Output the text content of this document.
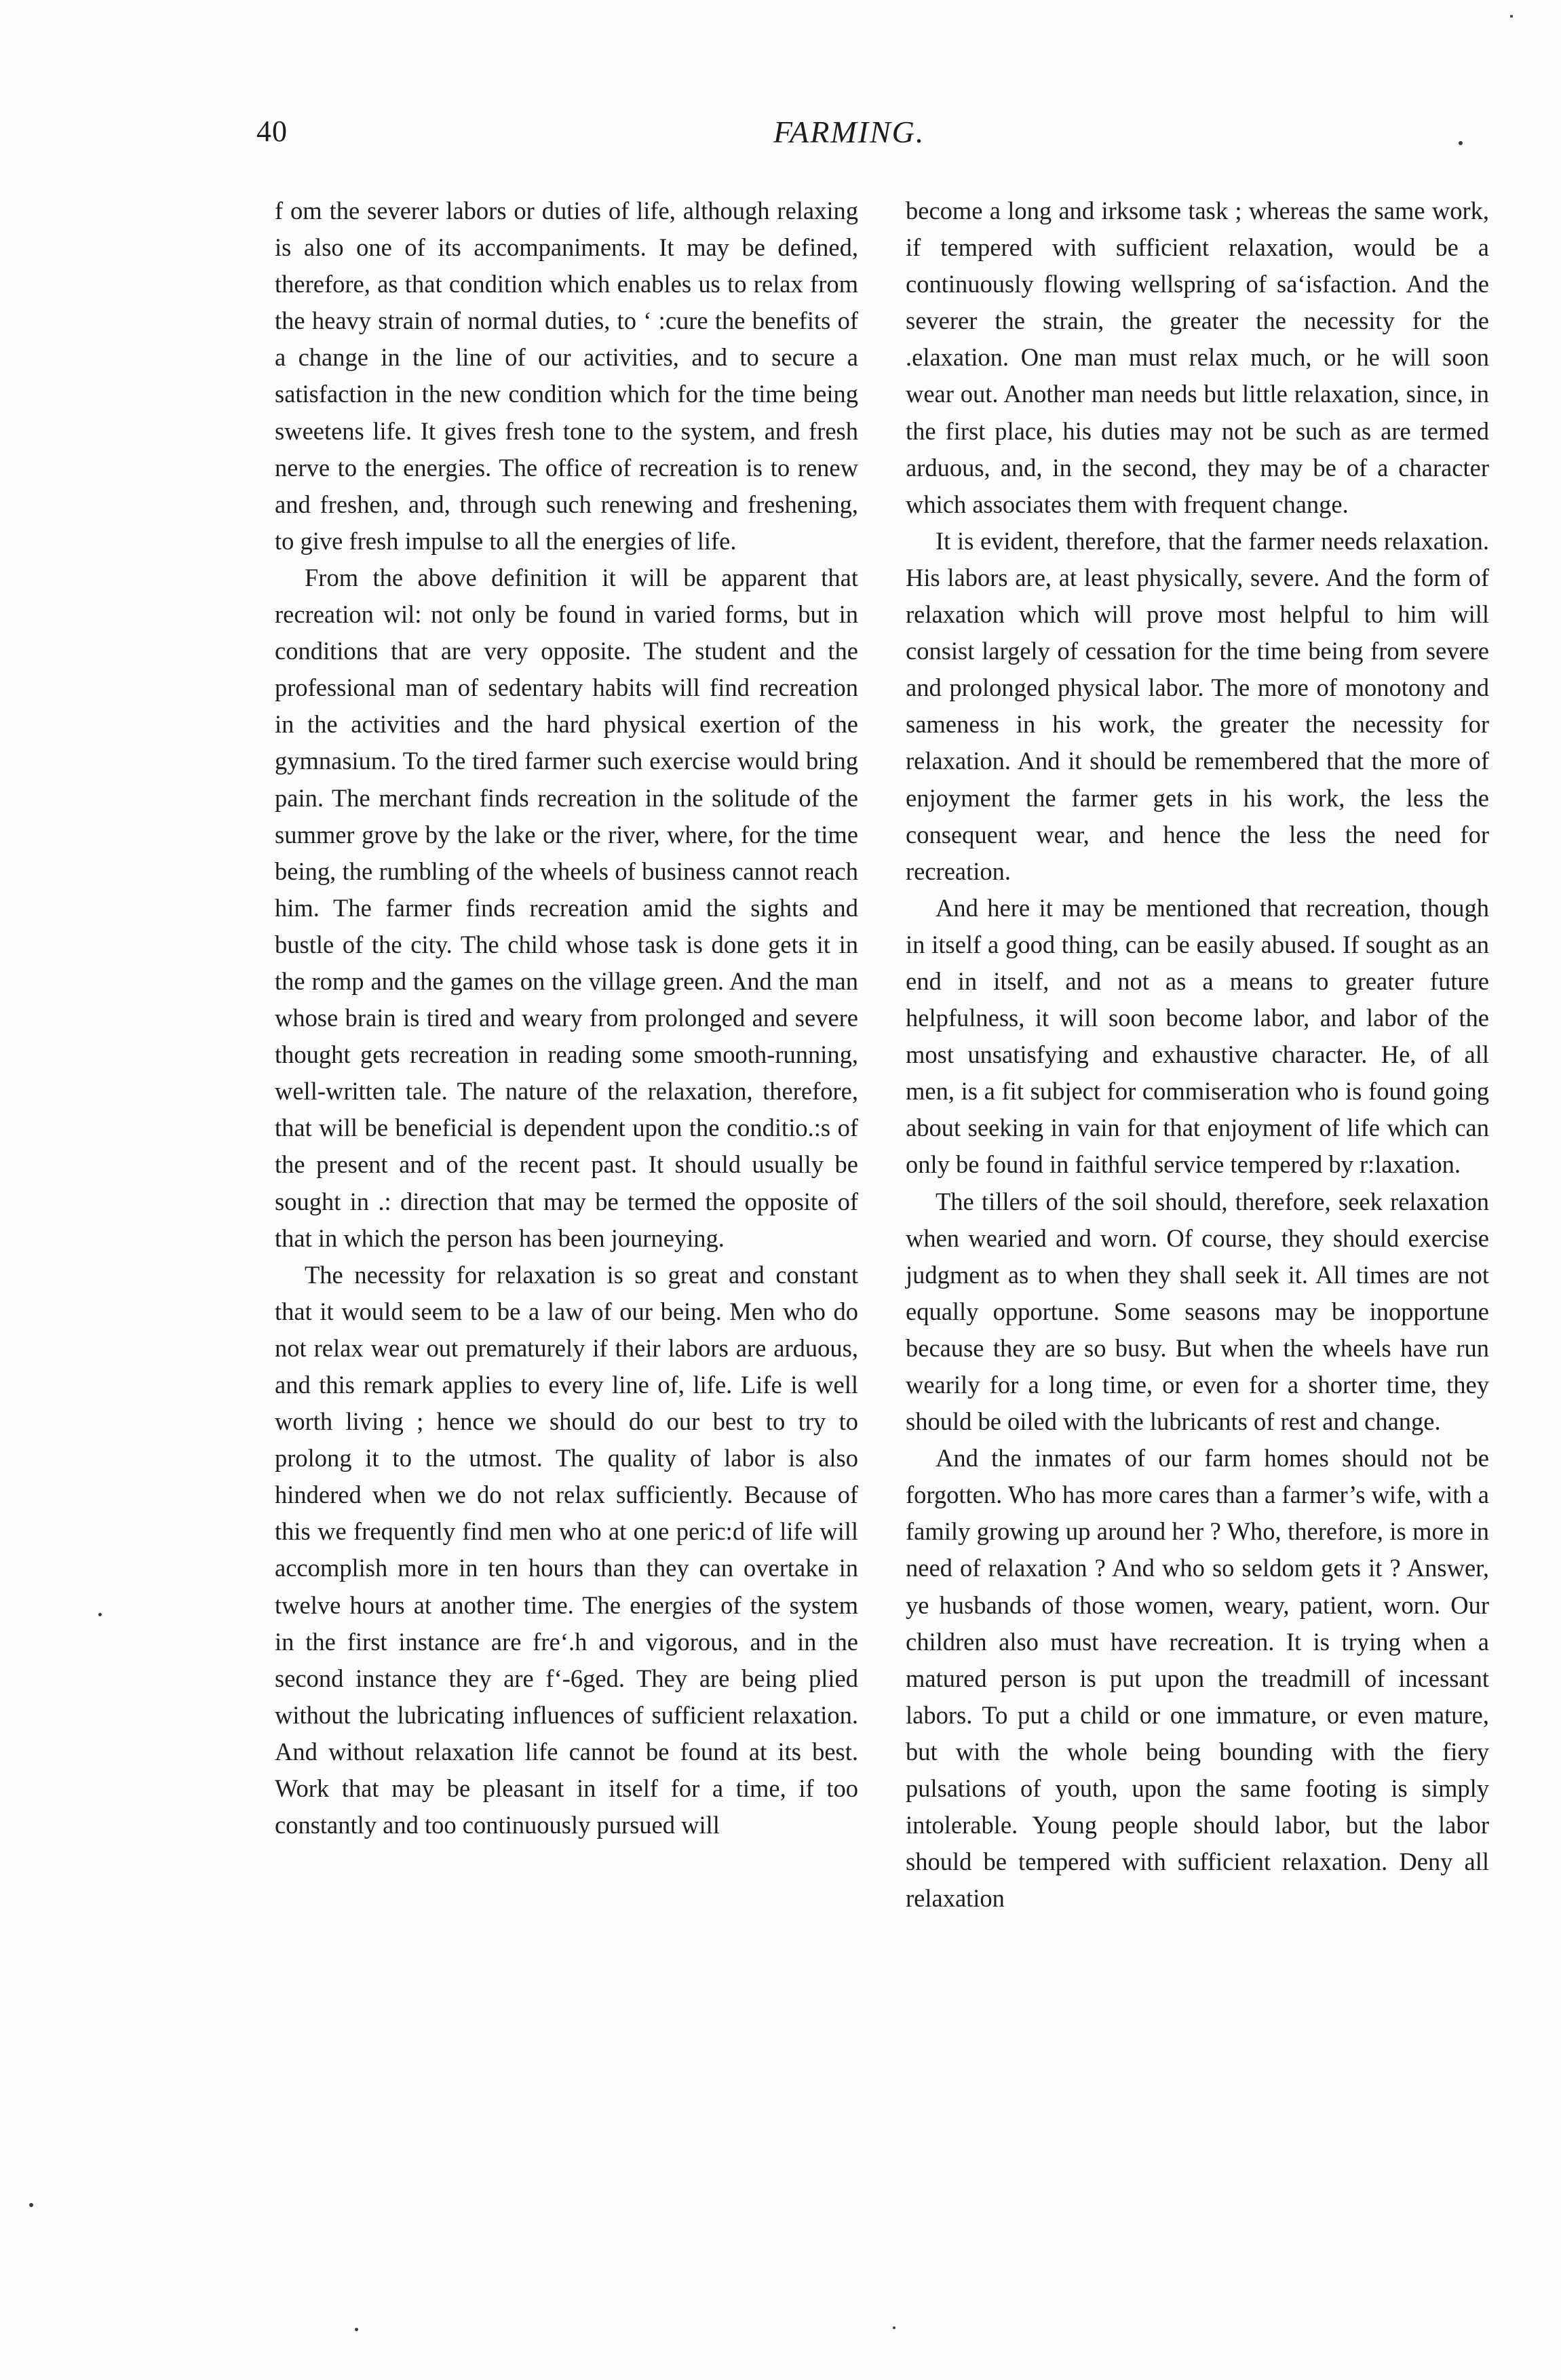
40	FARMING.

f om the severer labors or duties of life, although relaxing is also one of its accompaniments. It may be defined, therefore, as that condition which enables us to relax from the heavy strain of normal duties, to ‘ :cure the benefits of a change in the line of our activities, and to secure a satisfaction in the new condition which for the time being sweetens life. It gives fresh tone to the system, and fresh nerve to the energies. The office of recreation is to renew and freshen, and, through such renewing and freshening, to give fresh impulse to all the energies of life.

From the above definition it will be apparent that recreation wil: not only be found in varied forms, but in conditions that are very opposite. The student and the professional man of sedentary habits will find recreation in the activities and the hard physical exertion of the gymnasium. To the tired farmer such exercise would bring pain. The merchant finds recreation in the solitude of the summer grove by the lake or the river, where, for the time being, the rumbling of the wheels of business cannot reach him. The farmer finds recreation amid the sights and bustle of the city. The child whose task is done gets it in the romp and the games on the village green. And the man whose brain is tired and weary from prolonged and severe thought gets recreation in reading some smooth-running, well-written tale. The nature of the relaxation, therefore, that will be beneficial is dependent upon the conditio.:s of the present and of the recent past. It should usually be sought in .: direction that may be termed the opposite of that in which the person has been journeying.

The necessity for relaxation is so great and constant that it would seem to be a law of our being. Men who do not relax wear out prematurely if their labors are arduous, and this remark applies to every line of, life. Life is well worth living ; hence we should do our best to try to prolong it to the utmost. The quality of labor is also hindered when we do not relax sufficiently. Because of this we frequently find men who at one peric:d of life will accomplish more in ten hours than they can overtake in twelve hours at another time. The energies of the system in the first instance are fre‘.h and vigorous, and in the second instance they are f‘-6ged. They are being plied without the lubricating influences of sufficient relaxation. And without relaxation life cannot be found at its best. Work that may be pleasant in itself for a time, if too constantly and too continuously pursued will

become a long and irksome task ; whereas the same work, if tempered with sufficient relaxation, would be a continuously flowing wellspring of sa‘isfaction. And the severer the strain, the greater the necessity for the .elaxation. One man must relax much, or he will soon wear out. Another man needs but little relaxation, since, in the first place, his duties may not be such as are termed arduous, and, in the second, they may be of a character which associates them with frequent change.

It is evident, therefore, that the farmer needs relaxation. His labors are, at least physically, severe. And the form of relaxation which will prove most helpful to him will consist largely of cessation for the time being from severe and prolonged physical labor. The more of monotony and sameness in his work, the greater the necessity for relaxation. And it should be remembered that the more of enjoyment the farmer gets in his work, the less the consequent wear, and hence the less the need for recreation.

And here it may be mentioned that recreation, though in itself a good thing, can be easily abused. If sought as an end in itself, and not as a means to greater future helpfulness, it will soon become labor, and labor of the most unsatisfying and exhaustive character. He, of all men, is a fit subject for commiseration who is found going about seeking in vain for that enjoyment of life which can only be found in faithful service tempered by r:laxation.

The tillers of the soil should, therefore, seek relaxation when wearied and worn. Of course, they should exercise judgment as to when they shall seek it. All times are not equally opportune. Some seasons may be inopportune because they are so busy. But when the wheels have run wearily for a long time, or even for a shorter time, they should be oiled with the lubricants of rest and change.

And the inmates of our farm homes should not be forgotten. Who has more cares than a farmer’s wife, with a family growing up around her ? Who, therefore, is more in need of relaxation ? And who so seldom gets it ? Answer, ye husbands of those women, weary, patient, worn. Our children also must have recreation. It is trying when a matured person is put upon the treadmill of incessant labors. To put a child or one immature, or even mature, but with the whole being bounding with the fiery pulsations of youth, upon the same footing is simply intolerable. Young people should labor, but the labor should be tempered with sufficient relaxation. Deny all relaxation
